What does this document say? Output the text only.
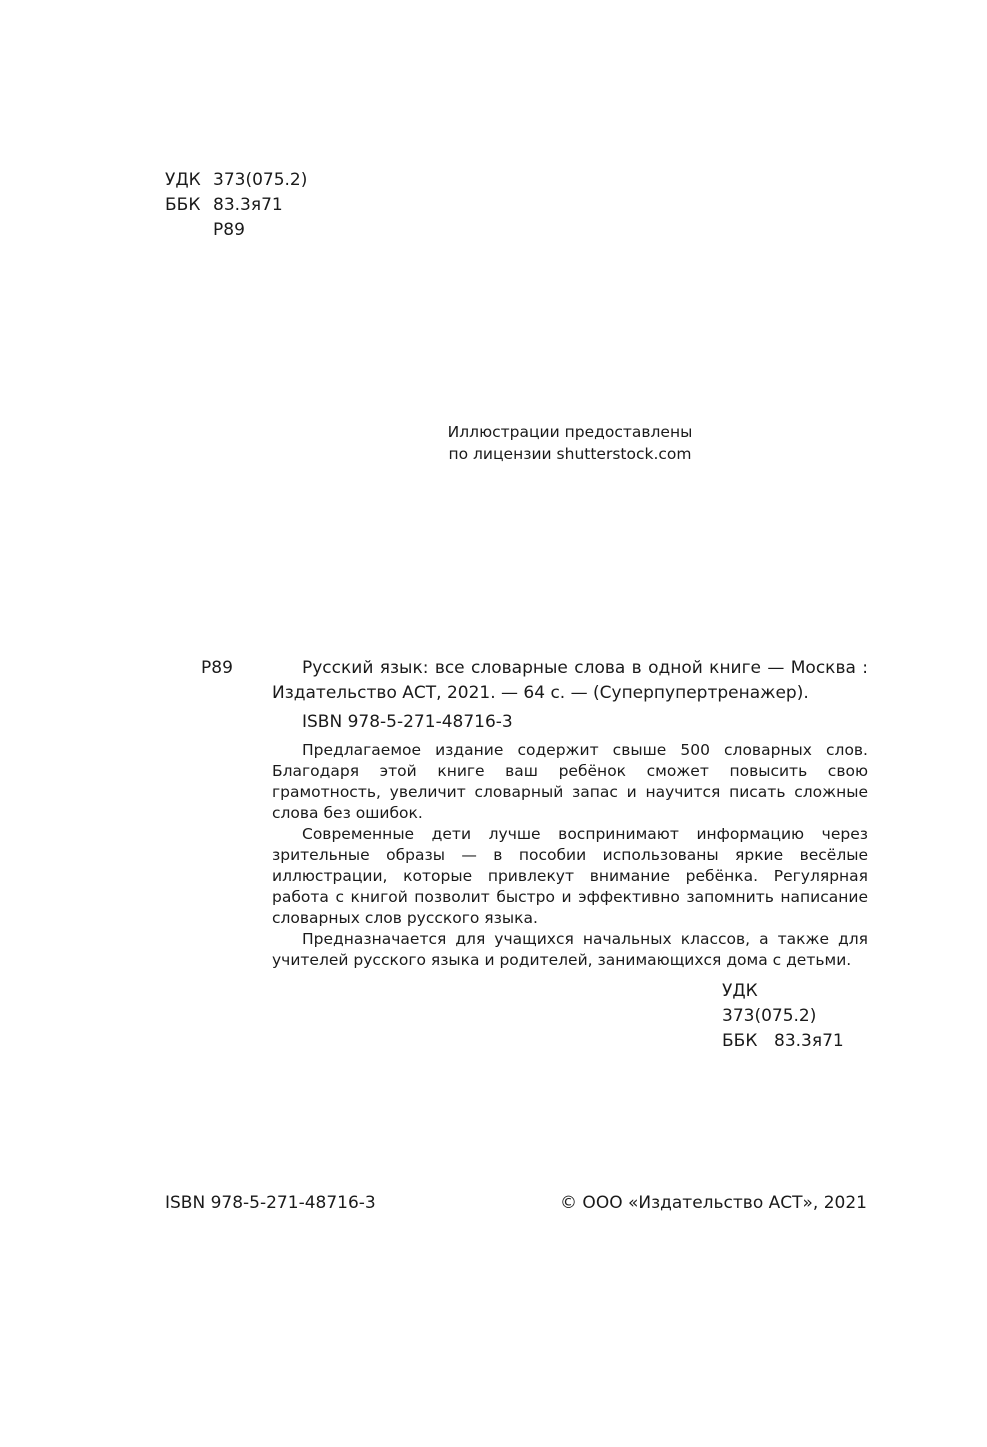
УДК 373(075.2)
ББК 83.3я71
Р89
Иллюстрации предоставлены
по лицензии shutterstock.com
Р89	Русский язык: все словарные слова в одной книге — Москва : Издательство АСТ, 2021. — 64 с. — (Суперпупертренажер).

ISBN 978-5-271-48716-3

Предлагаемое издание содержит свыше 500 словарных слов. Благодаря этой книге ваш ребёнок сможет повысить свою грамотность, увеличит словарный запас и научится писать сложные слова без ошибок.

Современные дети лучше воспринимают информацию через зрительные образы — в пособии использованы яркие весёлые иллюстрации, которые привлекут внимание ребёнка. Регулярная работа с книгой позволит быстро и эффективно запомнить написание словарных слов русского языка.

Предназначается для учащихся начальных классов, а также для учителей русского языка и родителей, занимающихся дома с детьми.

УДК373(075.2)
ББК 83.3я71
ISBN 978-5-271-48716-3	© ООО «Издательство АСТ», 2021
